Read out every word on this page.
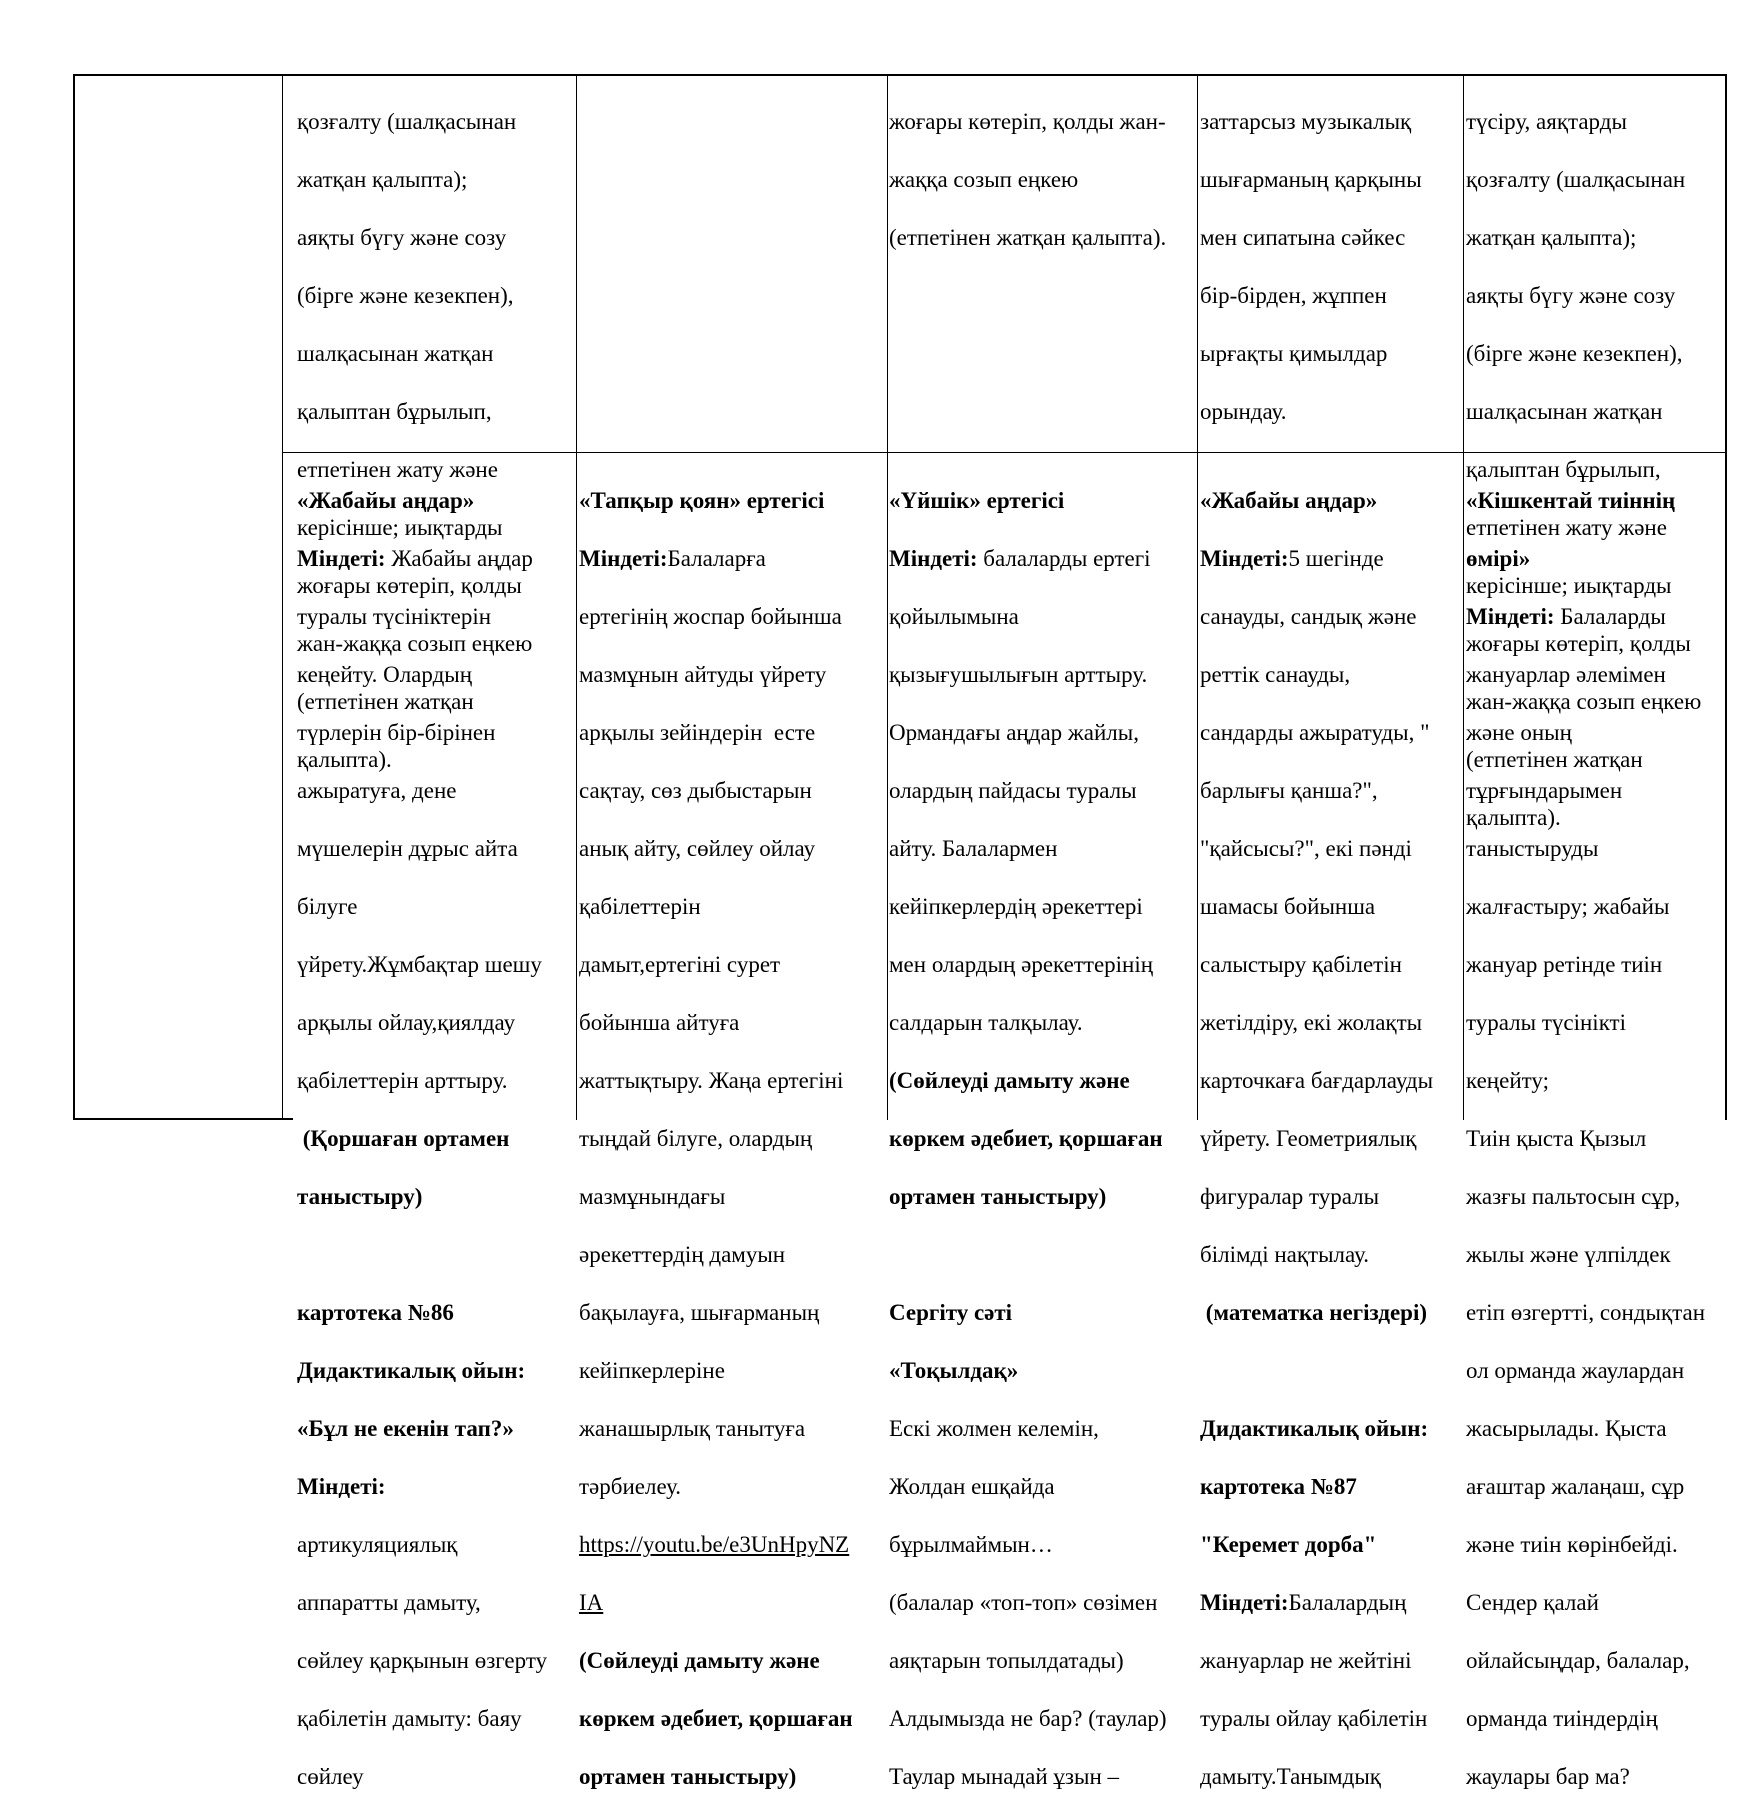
қозғалту (шалқасынан

жатқан қалыпта);

аяқты бүгу және созу

(бірге және кезекпен),

шалқасынан жатқан

қалыптан бұрылып,

етпетінен жату және

керісінше; иықтарды

жоғары көтеріп, қолды

жан-жаққа созып еңкею

(етпетінен жатқан

қалыпта).

жоғары көтеріп, қолды жан-

жаққа созып еңкею

(етпетінен жатқан қалыпта).

заттарсыз музыкалық

шығарманың қарқыны

мен сипатына сәйкес

бір-бірден, жұппен

ырғақты қимылдар

орындау.

түсіру, аяқтарды

қозғалту (шалқасынан

жатқан қалыпта);

аяқты бүгу және созу

(бірге және кезекпен),

шалқасынан жатқан

қалыптан бұрылып,

етпетінен жату және

керісінше; иықтарды

жоғары көтеріп, қолды

жан-жаққа созып еңкею

(етпетінен жатқан

қалыпта).

«Жабайы аңдар»

Міндеті: Жабайы аңдар

туралы түсініктерін

кеңейту. Олардың

түрлерін бір-бірінен

ажыратуға, дене

мүшелерін дұрыс айта

білуге

үйрету.Жұмбақтар шешу

арқылы ойлау,қиялдау

қабілеттерін арттыру.

(Қоршаған ортамен

таныстыру)

картотека №86

Дидактикалық ойын:

«Бұл не екенін тап?»

Міндеті:

артикуляциялық

аппаратты дамыту,

сөйлеу қарқынын өзгерту

қабілетін дамыту: баяу

сөйлеу

«Тапқыр қоян» ертегісі

Міндеті:Балаларға

ертегінің жоспар бойынша

мазмұнын айтуды үйрету

арқылы зейіндерін  есте

сақтау, сөз дыбыстарын

анық айту, сөйлеу ойлау

қабілеттерін

дамыт,ертегіні сурет

бойынша айтуға

жаттықтыру. Жаңа ертегіні

тыңдай білуге, олардың

мазмұнындағы

әрекеттердің дамуын

бақылауға, шығарманың

кейіпкерлеріне

жанашырлық танытуға

тәрбиелеу.

https://youtu.be/e3UnHpyNZ

IA

(Сөйлеуді дамыту және

көркем әдебиет, қоршаған

ортамен таныстыру)

«Үйшік» ертегісі

Міндеті: балаларды ертегі

қойылымына

қызығушылығын арттыру.

Ормандағы аңдар жайлы,

олардың пайдасы туралы

айту. Балалармен

кейіпкерлердің әрекеттері

мен олардың әрекеттерінің

салдарын талқылау.

(Сөйлеуді дамыту және

көркем әдебиет, қоршаған

ортамен таныстыру)

Сергіту сәті

«Тоқылдақ»

Ескі жолмен келемін,

Жолдан ешқайда

бұрылмаймын…

(балалар «топ-топ» сөзімен

аяқтарын топылдатады)

Алдымызда не бар? (таулар)

Таулар мынадай ұзын –

«Жабайы аңдар»

Міндеті:5 шегінде

санауды, сандық және

реттік санауды,

сандарды ажыратуды, "

барлығы қанша?",

"қайсысы?", екі пәнді

шамасы бойынша

салыстыру қабілетін

жетілдіру, екі жолақты

карточкаға бағдарлауды

үйрету. Геометриялық

фигуралар туралы

білімді нақтылау.

(математка негіздері)

Дидактикалық ойын:

картотека №87

"Керемет дорба"

Міндеті:Балалардың

жануарлар не жейтіні

туралы ойлау қабілетін

дамыту.Танымдық

«Кішкентай тиіннің

өмірі»

Міндеті: Балаларды

жануарлар әлемімен

және оның

тұрғындарымен

таныстыруды

жалғастыру; жабайы

жануар ретінде тиін

туралы түсінікті

кеңейту;

Тиін қыста Қызыл

жазғы пальтосын сұр,

жылы және үлпілдек

етіп өзгертті, сондықтан

ол орманда жаулардан

жасырылады. Қыста

ағаштар жалаңаш, сұр

және тиін көрінбейді.

Сендер қалай

ойлайсыңдар, балалар,

орманда тиіндердің

жаулары бар ма?
